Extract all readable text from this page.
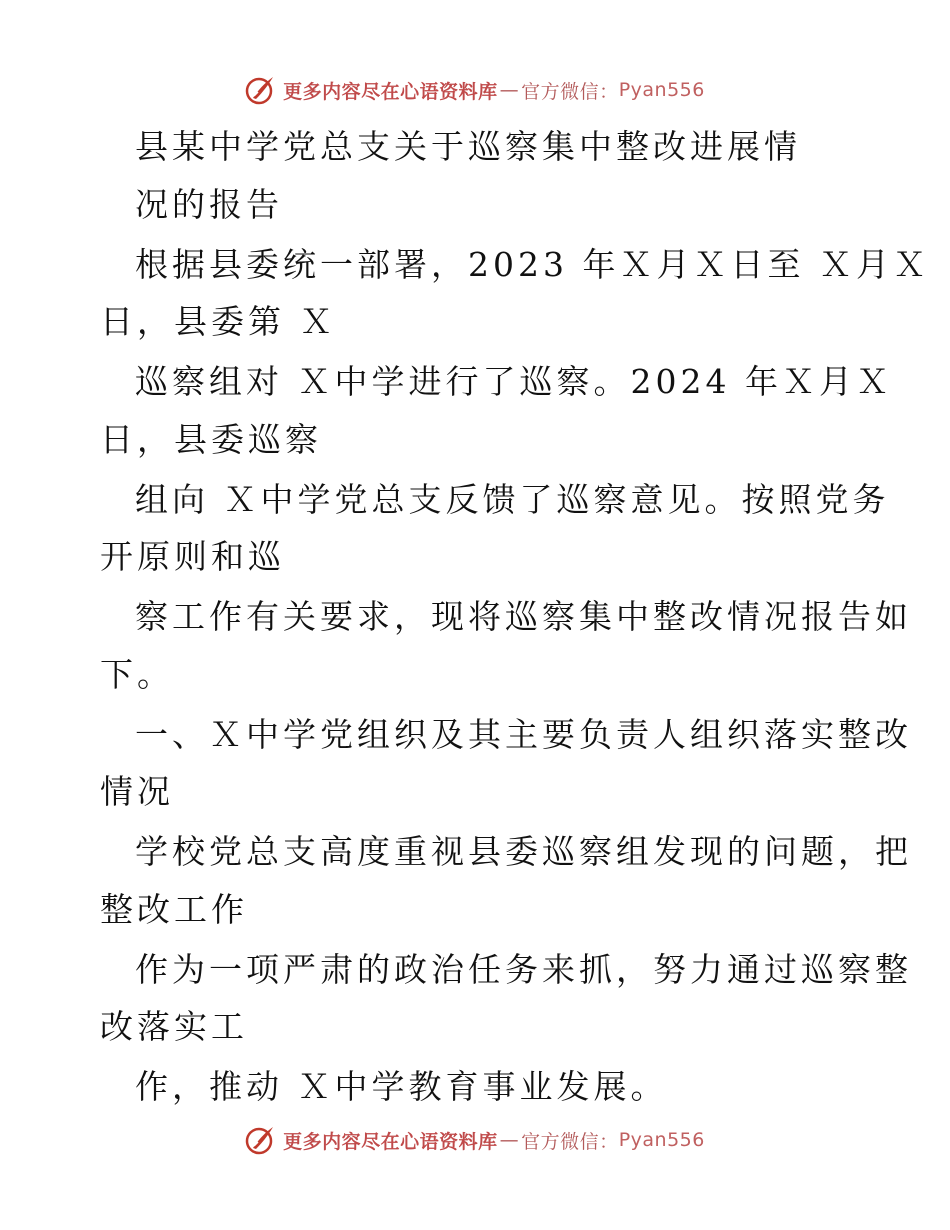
更多内容尽在心语资料库 — 官方微信： Pyan556
县某中学党总支关于巡察集中整改进展情
况的报告
根据县委统一部署，2023 年Ｘ月Ｘ日至 Ｘ月Ｘ
日，县委第 Ｘ
巡察组对 Ｘ中学进行了巡察。2024 年Ｘ月Ｘ
日，县委巡察
组向 Ｘ中学党总支反馈了巡察意见。按照党务
开原则和巡
察工作有关要求，现将巡察集中整改情况报告如
下。
一、Ｘ中学党组织及其主要负责人组织落实整改
情况
学校党总支高度重视县委巡察组发现的问题，把
整改工作
作为一项严肃的政治任务来抓，努力通过巡察整
改落实工
作，推动 Ｘ中学教育事业发展。
更多内容尽在心语资料库 — 官方微信： Pyan556
